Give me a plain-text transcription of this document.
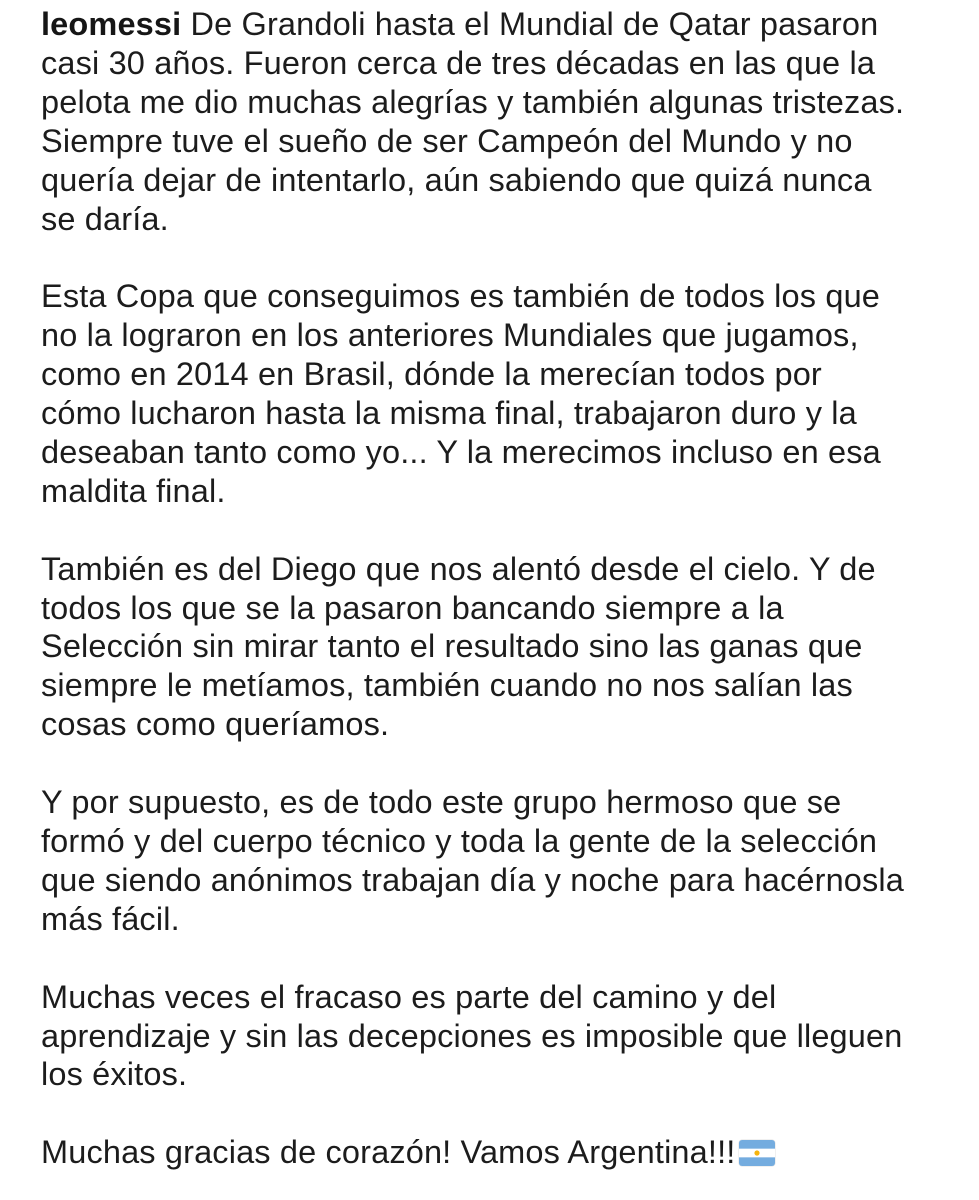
leomessi De Grandoli hasta el Mundial de Qatar pasaron
casi 30 años. Fueron cerca de tres décadas en las que la
pelota me dio muchas alegrías y también algunas tristezas.
Siempre tuve el sueño de ser Campeón del Mundo y no
quería dejar de intentarlo, aún sabiendo que quizá nunca
se daría.

Esta Copa que conseguimos es también de todos los que
no la lograron en los anteriores Mundiales que jugamos,
como en 2014 en Brasil, dónde la merecían todos por
cómo lucharon hasta la misma final, trabajaron duro y la
deseaban tanto como yo... Y la merecimos incluso en esa
maldita final.

También es del Diego que nos alentó desde el cielo. Y de
todos los que se la pasaron bancando siempre a la
Selección sin mirar tanto el resultado sino las ganas que
siempre le metíamos, también cuando no nos salían las
cosas como queríamos.

Y por supuesto, es de todo este grupo hermoso que se
formó y del cuerpo técnico y toda la gente de la selección
que siendo anónimos trabajan día y noche para hacérnosla
más fácil.

Muchas veces el fracaso es parte del camino y del
aprendizaje y sin las decepciones es imposible que lleguen
los éxitos.

Muchas gracias de corazón! Vamos Argentina!!!
